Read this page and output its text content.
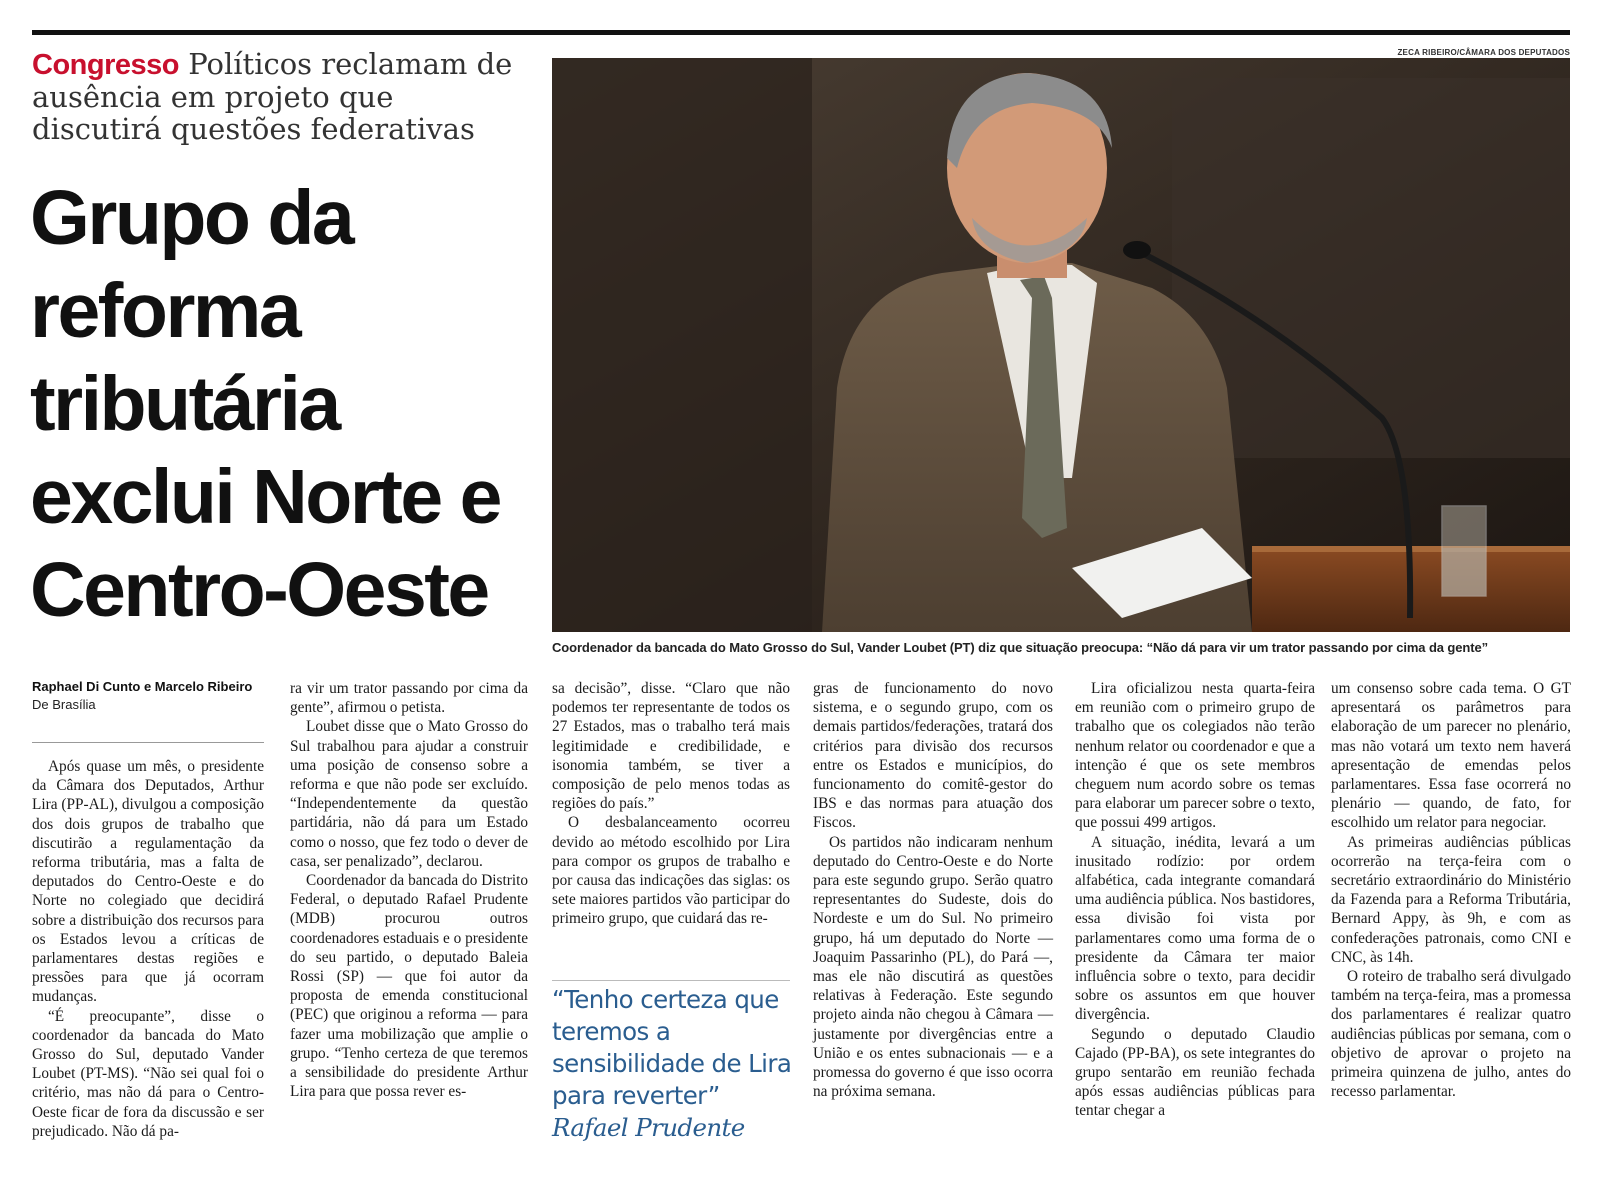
Congresso Políticos reclamam de ausência em projeto que discutirá questões federativas
Grupo da reforma tributária exclui Norte e Centro-Oeste
ZECA RIBEIRO/CÂMARA DOS DEPUTADOS
Coordenador da bancada do Mato Grosso do Sul, Vander Loubet (PT) diz que situação preocupa: “Não dá para vir um trator passando por cima da gente”
Raphael Di Cunto e Marcelo Ribeiro
De Brasília

Após quase um mês, o presidente da Câmara dos Deputados, Arthur Lira (PP-AL), divulgou a composição dos dois grupos de trabalho que discutirão a regulamentação da reforma tributária, mas a falta de deputados do Centro-Oeste e do Norte no colegiado que decidirá sobre a distribuição dos recursos para os Estados levou a críticas de parlamentares destas regiões e pressões para que já ocorram mudanças.

“É preocupante”, disse o coordenador da bancada do Mato Grosso do Sul, deputado Vander Loubet (PT-MS). “Não sei qual foi o critério, mas não dá para o Centro-Oeste ficar de fora da discussão e ser prejudicado. Não dá pa-

ra vir um trator passando por cima da gente”, afirmou o petista.

Loubet disse que o Mato Grosso do Sul trabalhou para ajudar a construir uma posição de consenso sobre a reforma e que não pode ser excluído. “Independentemente da questão partidária, não dá para um Estado como o nosso, que fez todo o dever de casa, ser penalizado”, declarou.

Coordenador da bancada do Distrito Federal, o deputado Rafael Prudente (MDB) procurou outros coordenadores estaduais e o presidente do seu partido, o deputado Baleia Rossi (SP) — que foi autor da proposta de emenda constitucional (PEC) que originou a reforma — para fazer uma mobilização que amplie o grupo. “Tenho certeza de que teremos a sensibilidade do presidente Arthur Lira para que possa rever es-

sa decisão”, disse. “Claro que não podemos ter representante de todos os 27 Estados, mas o trabalho terá mais legitimidade e credibilidade, e isonomia também, se tiver a composição de pelo menos todas as regiões do país.”

O desbalanceamento ocorreu devido ao método escolhido por Lira para compor os grupos de trabalho e por causa das indicações das siglas: os sete maiores partidos vão participar do primeiro grupo, que cuidará das re-

“Tenho certeza que teremos a sensibilidade de Lira para reverter”
Rafael Prudente

gras de funcionamento do novo sistema, e o segundo grupo, com os demais partidos/federações, tratará dos critérios para divisão dos recursos entre os Estados e municípios, do funcionamento do comitê-gestor do IBS e das normas para atuação dos Fiscos.

Os partidos não indicaram nenhum deputado do Centro-Oeste e do Norte para este segundo grupo. Serão quatro representantes do Sudeste, dois do Nordeste e um do Sul. No primeiro grupo, há um deputado do Norte — Joaquim Passarinho (PL), do Pará —, mas ele não discutirá as questões relativas à Federação. Este segundo projeto ainda não chegou à Câmara — justamente por divergências entre a União e os entes subnacionais — e a promessa do governo é que isso ocorra na próxima semana.

Lira oficializou nesta quarta-feira em reunião com o primeiro grupo de trabalho que os colegiados não terão nenhum relator ou coordenador e que a intenção é que os sete membros cheguem num acordo sobre os temas para elaborar um parecer sobre o texto, que possui 499 artigos.

A situação, inédita, levará a um inusitado rodízio: por ordem alfabética, cada integrante comandará uma audiência pública. Nos bastidores, essa divisão foi vista por parlamentares como uma forma de o presidente da Câmara ter maior influência sobre o texto, para decidir sobre os assuntos em que houver divergência.

Segundo o deputado Claudio Cajado (PP-BA), os sete integrantes do grupo sentarão em reunião fechada após essas audiências públicas para tentar chegar a

um consenso sobre cada tema. O GT apresentará os parâmetros para elaboração de um parecer no plenário, mas não votará um texto nem haverá apresentação de emendas pelos parlamentares. Essa fase ocorrerá no plenário — quando, de fato, for escolhido um relator para negociar.

As primeiras audiências públicas ocorrerão na terça-feira com o secretário extraordinário do Ministério da Fazenda para a Reforma Tributária, Bernard Appy, às 9h, e com as confederações patronais, como CNI e CNC, às 14h.

O roteiro de trabalho será divulgado também na terça-feira, mas a promessa dos parlamentares é realizar quatro audiências públicas por semana, com o objetivo de aprovar o projeto na primeira quinzena de julho, antes do recesso parlamentar.
